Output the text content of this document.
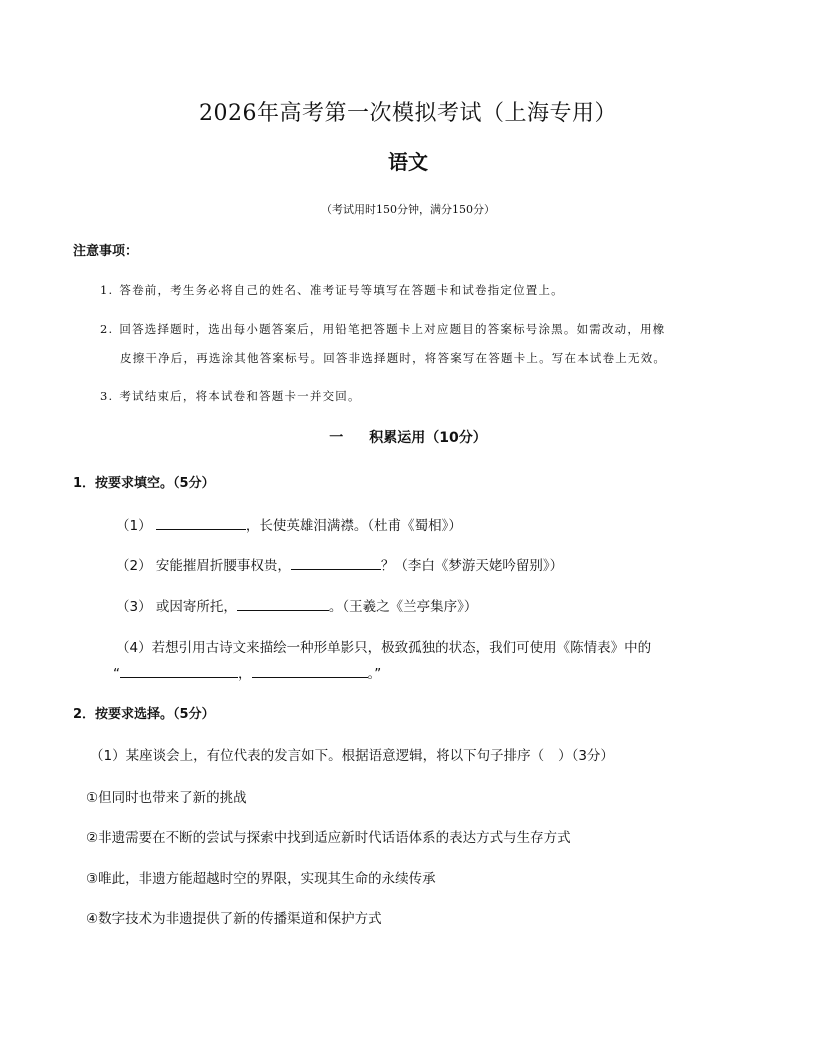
2026年高考第一次模拟考试（上海专用）
语文
（考试用时150分钟，满分150分）
注意事项：
1. 答卷前，考生务必将自己的姓名、准考证号等填写在答题卡和试卷指定位置上。
2. 回答选择题时，选出每小题答案后，用铅笔把答题卡上对应题目的答案标号涂黑。如需改动，用橡
皮擦干净后，再选涂其他答案标号。回答非选择题时，将答案写在答题卡上。写在本试卷上无效。
3. 考试结束后，将本试卷和答题卡一并交回。
一 积累运用（10分）
1．按要求填空。（5分）
（1）	，长使英雄泪满襟。（杜甫《蜀相》）
（2） 安能摧眉折腰事权贵，	？（李白《梦游天姥吟留别》）
（3） 或因寄所托，	。（王羲之《兰亭集序》）
（4）若想引用古诗文来描绘一种形单影只，极致孤独的状态，我们可使用《陈情表》中的
“	，	。”
2．按要求选择。（5分）
（1）某座谈会上，有位代表的发言如下。根据语意逻辑，将以下句子排序（ ）（3分）
①但同时也带来了新的挑战
②非遗需要在不断的尝试与探索中找到适应新时代话语体系的表达方式与生存方式
③唯此，非遗方能超越时空的界限，实现其生命的永续传承
④数字技术为非遗提供了新的传播渠道和保护方式
